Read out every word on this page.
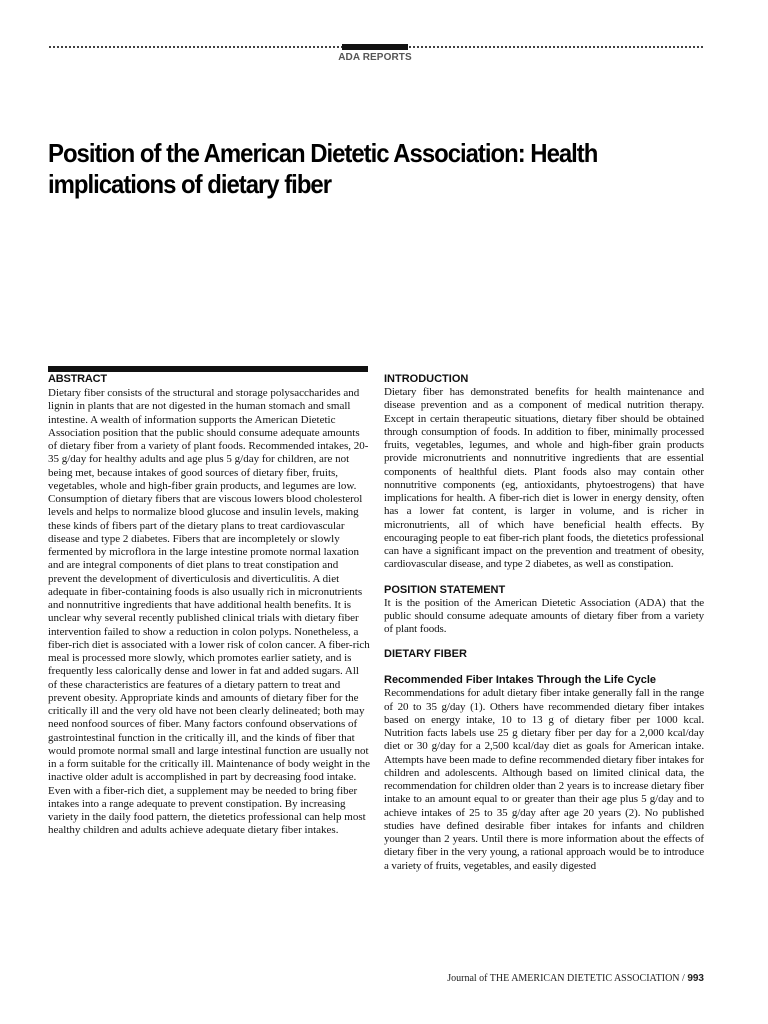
ADA REPORTS
Position of the American Dietetic Association: Health implications of dietary fiber
ABSTRACT

Dietary fiber consists of the structural and storage polysaccharides and lignin in plants that are not digested in the human stomach and small intestine. A wealth of information supports the American Dietetic Association position that the public should consume adequate amounts of dietary fiber from a variety of plant foods. Recommended intakes, 20-35 g/day for healthy adults and age plus 5 g/day for children, are not being met, because intakes of good sources of dietary fiber, fruits, vegetables, whole and high-fiber grain products, and legumes are low. Consumption of dietary fibers that are viscous lowers blood cholesterol levels and helps to normalize blood glucose and insulin levels, making these kinds of fibers part of the dietary plans to treat cardiovascular disease and type 2 diabetes. Fibers that are incompletely or slowly fermented by microflora in the large intestine promote normal laxation and are integral components of diet plans to treat constipation and prevent the development of diverticulosis and diverticulitis. A diet adequate in fiber-containing foods is also usually rich in micronutrients and nonnutritive ingredients that have additional health benefits. It is unclear why several recently published clinical trials with dietary fiber intervention failed to show a reduction in colon polyps. Nonetheless, a fiber-rich diet is associated with a lower risk of colon cancer. A fiber-rich meal is processed more slowly, which promotes earlier satiety, and is frequently less calorically dense and lower in fat and added sugars. All of these characteristics are features of a dietary pattern to treat and prevent obesity. Appropriate kinds and amounts of dietary fiber for the critically ill and the very old have not been clearly delineated; both may need nonfood sources of fiber. Many factors confound observations of gastrointestinal function in the critically ill, and the kinds of fiber that would promote normal small and large intestinal function are usually not in a form suitable for the critically ill. Maintenance of body weight in the inactive older adult is accomplished in part by decreasing food intake. Even with a fiber-rich diet, a supplement may be needed to bring fiber intakes into a range adequate to prevent constipation. By increasing variety in the daily food pattern, the dietetics professional can help most healthy children and adults achieve adequate dietary fiber intakes.

INTRODUCTION

Dietary fiber has demonstrated benefits for health maintenance and disease prevention and as a component of medical nutrition therapy. Except in certain therapeutic situations, dietary fiber should be obtained through consumption of foods. In addition to fiber, minimally processed fruits, vegetables, legumes, and whole and high-fiber grain products provide micronutrients and nonnutritive ingredients that are essential components of healthful diets. Plant foods also may contain other nonnutritive components (eg, antioxidants, phytoestrogens) that have implications for health. A fiber-rich diet is lower in energy density, often has a lower fat content, is larger in volume, and is richer in micronutrients, all of which have beneficial health effects. By encouraging people to eat fiber-rich plant foods, the dietetics professional can have a significant impact on the prevention and treatment of obesity, cardiovascular disease, and type 2 diabetes, as well as constipation.

POSITION STATEMENT

It is the position of the American Dietetic Association (ADA) that the public should consume adequate amounts of dietary fiber from a variety of plant foods.

DIETARY FIBER
Recommended Fiber Intakes Through the Life Cycle

Recommendations for adult dietary fiber intake generally fall in the range of 20 to 35 g/day (1). Others have recommended dietary fiber intakes based on energy intake, 10 to 13 g of dietary fiber per 1000 kcal. Nutrition facts labels use 25 g dietary fiber per day for a 2,000 kcal/day diet or 30 g/day for a 2,500 kcal/day diet as goals for American intake. Attempts have been made to define recommended dietary fiber intakes for children and adolescents. Although based on limited clinical data, the recommendation for children older than 2 years is to increase dietary fiber intake to an amount equal to or greater than their age plus 5 g/day and to achieve intakes of 25 to 35 g/day after age 20 years (2). No published studies have defined desirable fiber intakes for infants and children younger than 2 years. Until there is more information about the effects of dietary fiber in the very young, a rational approach would be to introduce a variety of fruits, vegetables, and easily digested

Journal of THE AMERICAN DIETETIC ASSOCIATION / 993
